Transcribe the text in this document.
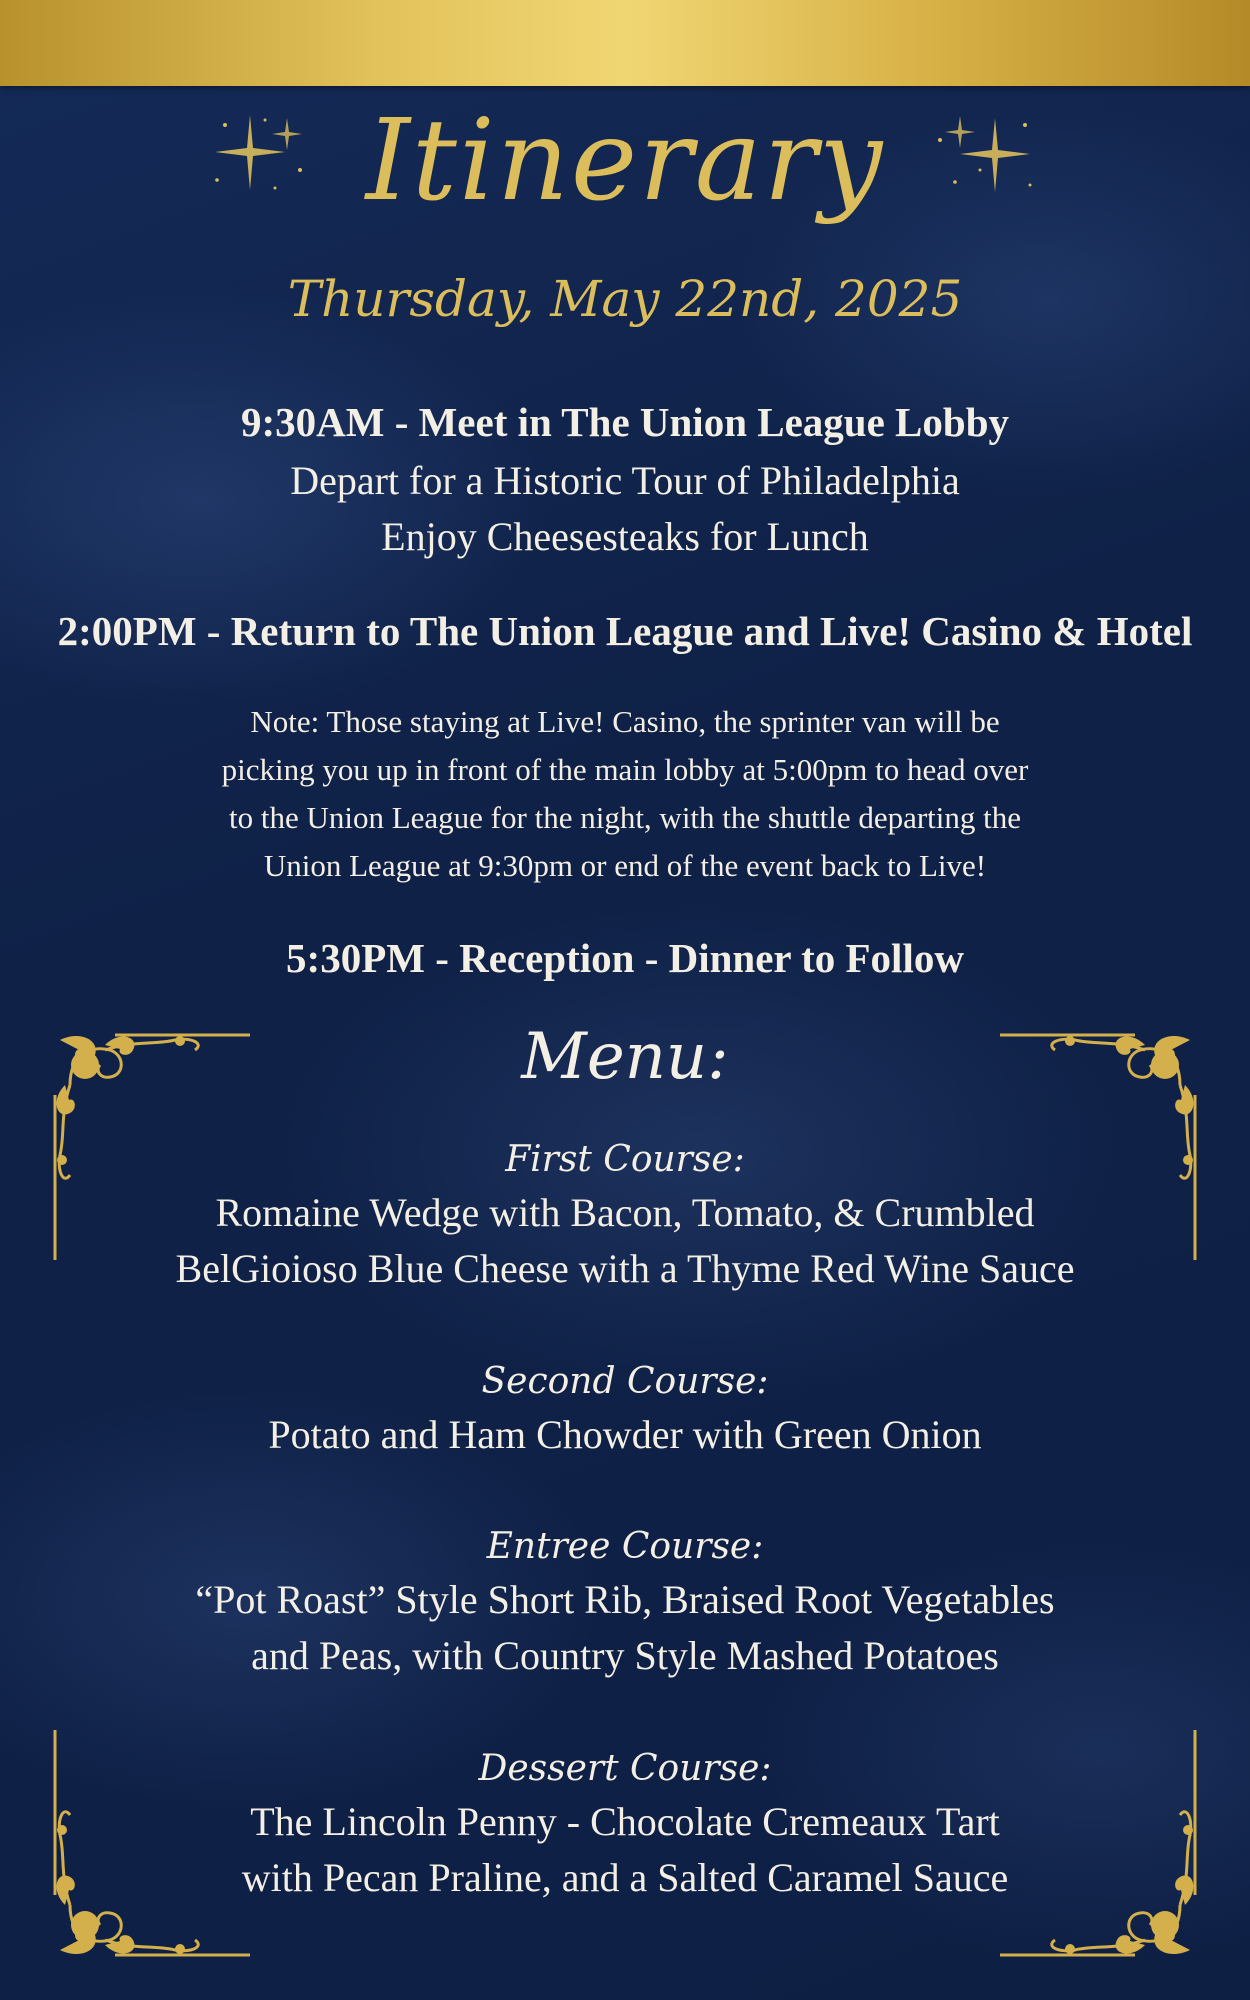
Itinerary
Thursday, May 22nd, 2025
9:30AM - Meet in The Union League Lobby
Depart for a Historic Tour of Philadelphia
Enjoy Cheesesteaks for Lunch
2:00PM - Return to The Union League and Live! Casino & Hotel
Note: Those staying at Live! Casino, the sprinter van will be
picking you up in front of the main lobby at 5:00pm to head over
to the Union League for the night, with the shuttle departing the
Union League at 9:30pm or end of the event back to Live!
5:30PM - Reception - Dinner to Follow
Menu:
First Course:
Romaine Wedge with Bacon, Tomato, & Crumbled
BelGioioso Blue Cheese with a Thyme Red Wine Sauce
Second Course:
Potato and Ham Chowder with Green Onion
Entree Course:
“Pot Roast” Style Short Rib, Braised Root Vegetables
and Peas, with Country Style Mashed Potatoes
Dessert Course:
The Lincoln Penny - Chocolate Cremeaux Tart
with Pecan Praline, and a Salted Caramel Sauce
